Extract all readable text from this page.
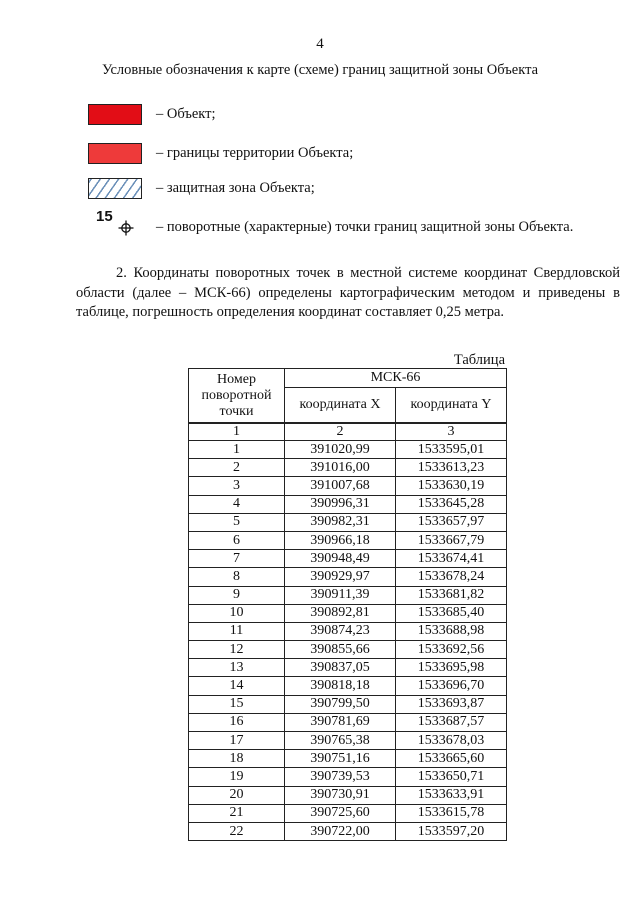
4
Условные обозначения к карте (схеме) границ защитной зоны Объекта
– Объект;
– границы территории Объекта;
– защитная зона Объекта;
15
– поворотные (характерные) точки границ защитной зоны Объекта.
2. Координаты поворотных точек в местной системе координат Свердловской области (далее – МСК-66) определены картографическим методом и приведены в таблице, погрешность определения координат составляет 0,25 метра.
Таблица
Номер поворотной точки	МСК-66	
	координата X	координата Y
1	2	3
1	391020,99	1533595,01
2	391016,00	1533613,23
3	391007,68	1533630,19
4	390996,31	1533645,28
5	390982,31	1533657,97
6	390966,18	1533667,79
7	390948,49	1533674,41
8	390929,97	1533678,24
9	390911,39	1533681,82
10	390892,81	1533685,40
11	390874,23	1533688,98
12	390855,66	1533692,56
13	390837,05	1533695,98
14	390818,18	1533696,70
15	390799,50	1533693,87
16	390781,69	1533687,57
17	390765,38	1533678,03
18	390751,16	1533665,60
19	390739,53	1533650,71
20	390730,91	1533633,91
21	390725,60	1533615,78
22	390722,00	1533597,20
